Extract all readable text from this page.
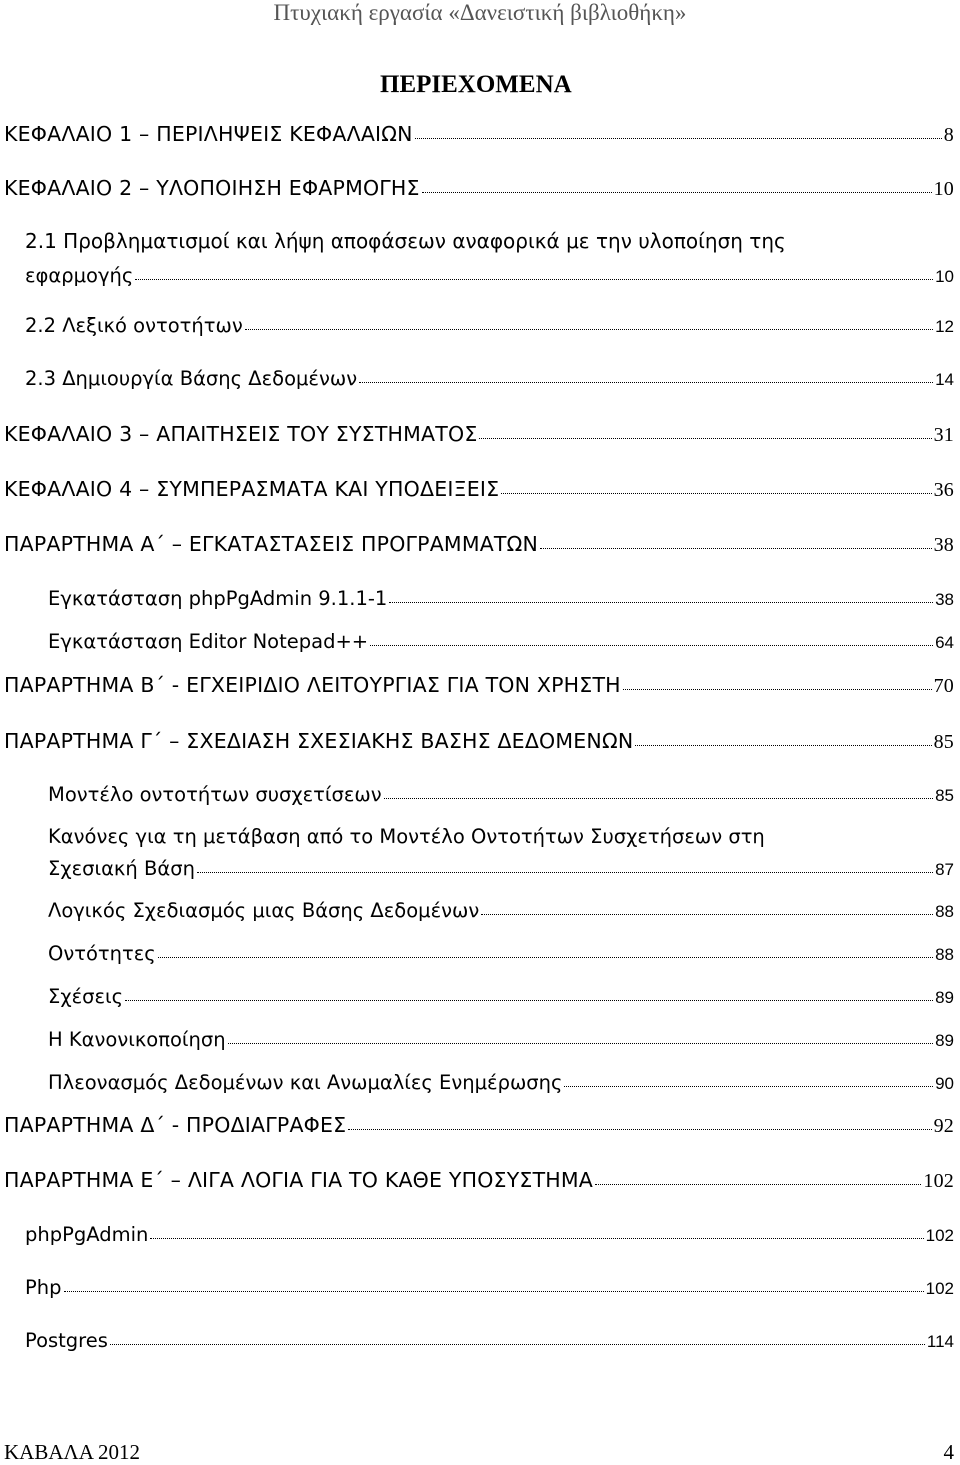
Πτυχιακή εργασία «Δανειστική βιβλιοθήκη»
ΠΕΡΙΕΧΟΜΕΝΑ
ΚΕΦΑΛΑΙΟ 1 – ΠΕΡΙΛΗΨΕΙΣ ΚΕΦΑΛΑΙΩΝ	8
ΚΕΦΑΛΑΙΟ 2 – ΥΛΟΠΟΙΗΣΗ ΕΦΑΡΜΟΓΗΣ	10
2.1 Προβληματισμοί και λήψη αποφάσεων αναφορικά με την υλοποίηση της
εφαρμογής	10
2.2 Λεξικό οντοτήτων	12
2.3 Δημιουργία Βάσης Δεδομένων	14
ΚΕΦΑΛΑΙΟ 3 – ΑΠΑΙΤΗΣΕΙΣ ΤΟΥ ΣΥΣΤΗΜΑΤΟΣ	31
ΚΕΦΑΛΑΙΟ 4 – ΣΥΜΠΕΡΑΣΜΑΤΑ ΚΑΙ ΥΠΟΔΕΙΞΕΙΣ	36
ΠΑΡΑΡΤΗΜΑ Α΄ – ΕΓΚΑΤΑΣΤΑΣΕΙΣ ΠΡΟΓΡΑΜΜΑΤΩΝ	38
Εγκατάσταση phpPgAdmin 9.1.1-1	38
Εγκατάσταση Editor Notepad++	64
ΠΑΡΑΡΤΗΜΑ Β΄ - ΕΓΧΕΙΡΙΔΙΟ ΛΕΙΤΟΥΡΓΙΑΣ ΓΙΑ ΤΟΝ ΧΡΗΣΤΗ	70
ΠΑΡΑΡΤΗΜΑ Γ΄ – ΣΧΕΔΙΑΣΗ ΣΧΕΣΙΑΚΗΣ ΒΑΣΗΣ ΔΕΔΟΜΕΝΩΝ	85
Μοντέλο οντοτήτων συσχετίσεων	85
Κανόνες για τη μετάβαση από το Μοντέλο Οντοτήτων Συσχετήσεων στη
Σχεσιακή Βάση	87
Λογικός Σχεδιασμός μιας Βάσης Δεδομένων	88
Οντότητες	88
Σχέσεις	89
Η Κανονικοποίηση	89
Πλεονασμός Δεδομένων και Ανωμαλίες Ενημέρωσης	90
ΠΑΡΑΡΤΗΜΑ Δ΄ - ΠΡΟΔΙΑΓΡΑΦΕΣ	92
ΠΑΡΑΡΤΗΜΑ Ε΄ – ΛΙΓΑ ΛΟΓΙΑ ΓΙΑ ΤΟ ΚΑΘΕ ΥΠΟΣΥΣΤΗΜΑ	102
phpPgAdmin	102
Php	102
Postgres	114
ΚΑΒΑΛΑ 2012	4
